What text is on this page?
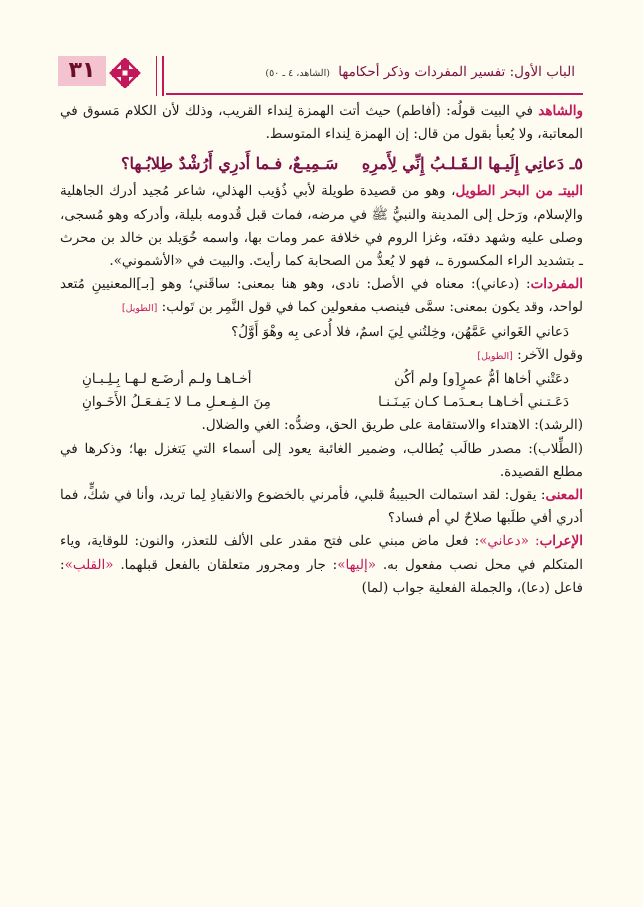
الباب الأول: تفسير المفردات وذكر أحكامها (الشاهد، ٤ ـ ٥٠)
٣١

والشاهد في البيت قولُه: (أفاطم) حيث أتت الهمزة لِنداء القريب، وذلك لأن الكلام مَسوق في المعاتبة، ولا يُعبأ بقول من قال: إن الهمزة لِنداء المتوسط.

٥ـ دَعانِي إِلَيـها الـقَـلـبُ إِنِّي لِأَمرِهِ سَـمِيـعٌ، فـما أَدرِي أَرُشْدٌ طِلابُـها؟

البيتـ من البحر الطويل، وهو من قصيدة طويلة لأبي ذُؤيب الهذلي، شاعر مُجيد أدرك الجاهلية والإسلام، ورَحل إلى المدينة والنبيُّ ﷺ في مرضه، فمات قبل قُدومه بليلة، وأدركه وهو مُسجى، وصلى عليه وشهد دفنَه، وغزا الروم في خلافة عمر ومات بها، واسمه خُوَيلد بن خالد بن محرث ـ بتشديد الراء المكسورة ـ، فهو لا يُعدُّ من الصحابة كما رأيتَ. والبيت في «الأشموني».

المفردات: (دعاني): معناه في الأصل: نادى، وهو هنا بمعنى: ساقَني؛ وهو [بـ]المعنيينِ مُتعد لواحد، وقد يكون بمعنى: سمَّى فينصب مفعولين كما في قول النَّمِر بن تَولب: [الطويل]

دَعاني الغَواني عَمَّهُن، وخِلتُني لِيَ اسمٌ، فلا أُدعى بِه وهْوَ أَوَّلُ؟

وقول الآخر: [الطويل]

دعَتْني أخاها أمُّ عمرٍ[و] ولم أكُن
أخـاهـا ولـم أرضَـع لـهـا بِـلِـبـانِ
دَعَـتـني أخـاهـا بـعـدَمـا كـان بَيـنَـنـا
مِنَ الـفِـعـلِ مـا لا يَـفـعَـلُ الأَخَـوانِ

(الرشد): الاهتداء والاستقامة على طريق الحق، وضدُّه: الغي والضلال.

(الطِّلاب): مصدر طالَب يُطالب، وضمير الغائبة يعود إلى أسماء التي يَتغزل بها؛ وذكرها في مطلع القصيدة.

المعنى: يقول: لقد استمالت الحبيبةُ قلبي، فأمرني بالخضوع والانقيادِ لِما تريد، وأنا في شكٍّ، فما أدري أفي طلَبها صلاحٌ لي أم فساد؟

الإعراب: «دعاني»: فعل ماض مبني على فتح مقدر على الألف للتعذر، والنون: للوقاية، وياء المتكلم في محل نصب مفعول به. «إليها»: جار ومجرور متعلقان بالفعل قبلهما. «القلب»: فاعل (دعا)، والجملة الفعلية جواب (لما)
